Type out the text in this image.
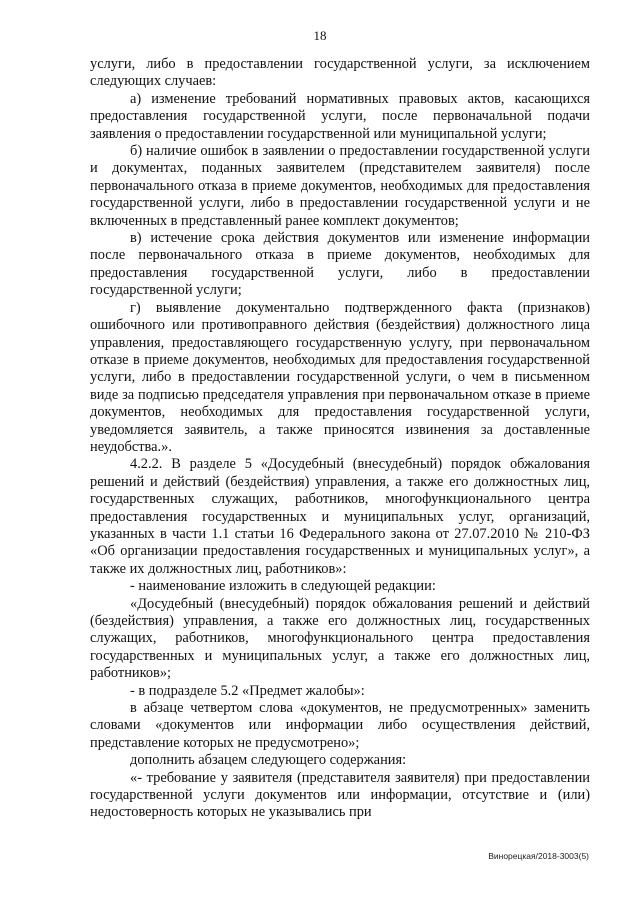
18

услуги, либо в предоставлении государственной услуги, за исключением следующих случаев:

а) изменение требований нормативных правовых актов, касающихся предоставления государственной услуги, после первоначальной подачи заявления о предоставлении государственной или муниципальной услуги;

б) наличие ошибок в заявлении о предоставлении государственной услуги и документах, поданных заявителем (представителем заявителя) после первоначального отказа в приеме документов, необходимых для предоставления государственной услуги, либо в предоставлении государственной услуги и не включенных в представленный ранее комплект документов;

в) истечение срока действия документов или изменение информации после первоначального отказа в приеме документов, необходимых для предоставления государственной услуги, либо в предоставлении государственной услуги;

г) выявление документально подтвержденного факта (признаков) ошибочного или противоправного действия (бездействия) должностного лица управления, предоставляющего государственную услугу, при первоначальном отказе в приеме документов, необходимых для предоставления государственной услуги, либо в предоставлении государственной услуги, о чем в письменном виде за подписью председателя управления при первоначальном отказе в приеме документов, необходимых для предоставления государственной услуги, уведомляется заявитель, а также приносятся извинения за доставленные неудобства.».

4.2.2. В разделе 5 «Досудебный (внесудебный) порядок обжалования решений и действий (бездействия) управления, а также его должностных лиц, государственных служащих, работников, многофункционального центра предоставления государственных и муниципальных услуг, организаций, указанных в части 1.1 статьи 16 Федерального закона от 27.07.2010 № 210-ФЗ «Об организации предоставления государственных и муниципальных услуг», а также их должностных лиц, работников»:

- наименование изложить в следующей редакции:

«Досудебный (внесудебный) порядок обжалования решений и действий (бездействия) управления, а также его должностных лиц, государственных служащих, работников, многофункционального центра предоставления государственных и муниципальных услуг, а также его должностных лиц, работников»;

- в подразделе 5.2 «Предмет жалобы»:

в абзаце четвертом слова «документов, не предусмотренных» заменить словами «документов или информации либо осуществления действий, представление которых не предусмотрено»;

дополнить абзацем следующего содержания:

«- требование у заявителя (представителя заявителя) при предоставлении государственной услуги документов или информации, отсутствие и (или) недостоверность которых не указывались при

Винорецкая/2018-3003(5)
